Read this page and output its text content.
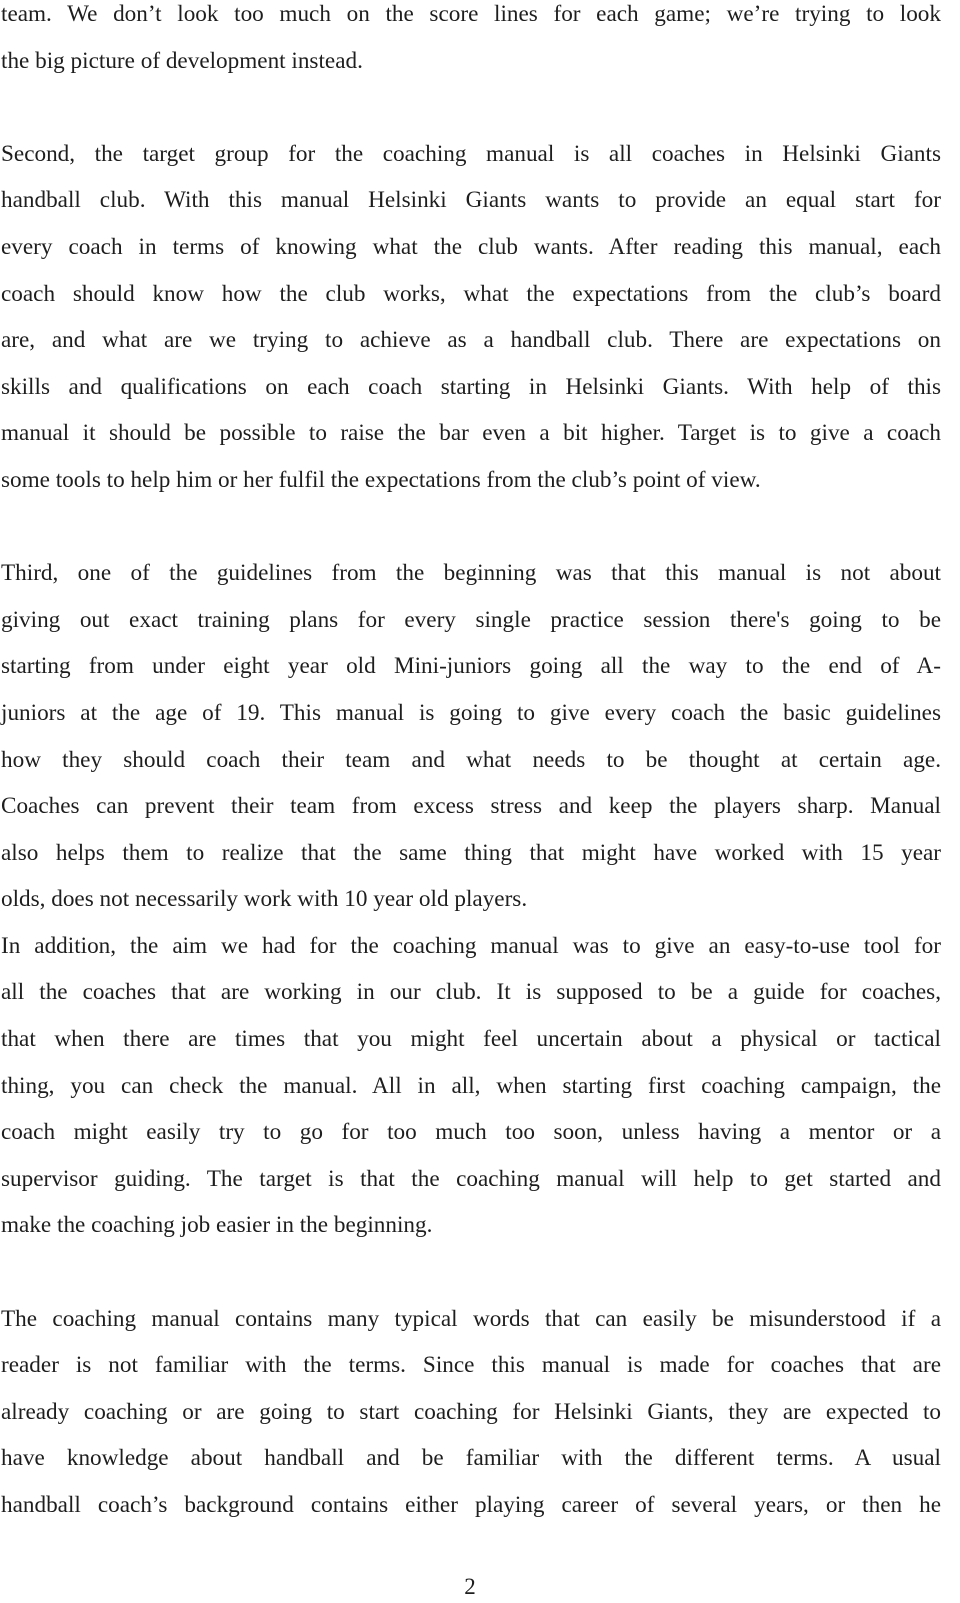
team. We don’t look too much on the score lines for each game; we’re trying to look
the big picture of development instead.
Second, the target group for the coaching manual is all coaches in Helsinki Giants
handball club. With this manual Helsinki Giants wants to provide an equal start for
every coach in terms of knowing what the club wants. After reading this manual, each
coach should know how the club works, what the expectations from the club’s board
are, and what are we trying to achieve as a handball club. There are expectations on
skills and qualifications on each coach starting in Helsinki Giants. With help of this
manual it should be possible to raise the bar even a bit higher. Target is to give a coach
some tools to help him or her fulfil the expectations from the club’s point of view.
Third, one of the guidelines from the beginning was that this manual is not about
giving out exact training plans for every single practice session there's going to be
starting from under eight year old Mini-juniors going all the way to the end of A-
juniors at the age of 19. This manual is going to give every coach the basic guidelines
how they should coach their team and what needs to be thought at certain age.
Coaches can prevent their team from excess stress and keep the players sharp. Manual
also helps them to realize that the same thing that might have worked with 15 year
olds, does not necessarily work with 10 year old players.
In addition, the aim we had for the coaching manual was to give an easy-to-use tool for
all the coaches that are working in our club. It is supposed to be a guide for coaches,
that when there are times that you might feel uncertain about a physical or tactical
thing, you can check the manual. All in all, when starting first coaching campaign, the
coach might easily try to go for too much too soon, unless having a mentor or a
supervisor guiding. The target is that the coaching manual will help to get started and
make the coaching job easier in the beginning.
The coaching manual contains many typical words that can easily be misunderstood if a
reader is not familiar with the terms. Since this manual is made for coaches that are
already coaching or are going to start coaching for Helsinki Giants, they are expected to
have knowledge about handball and be familiar with the different terms. A usual
handball coach’s background contains either playing career of several years, or then he
2
